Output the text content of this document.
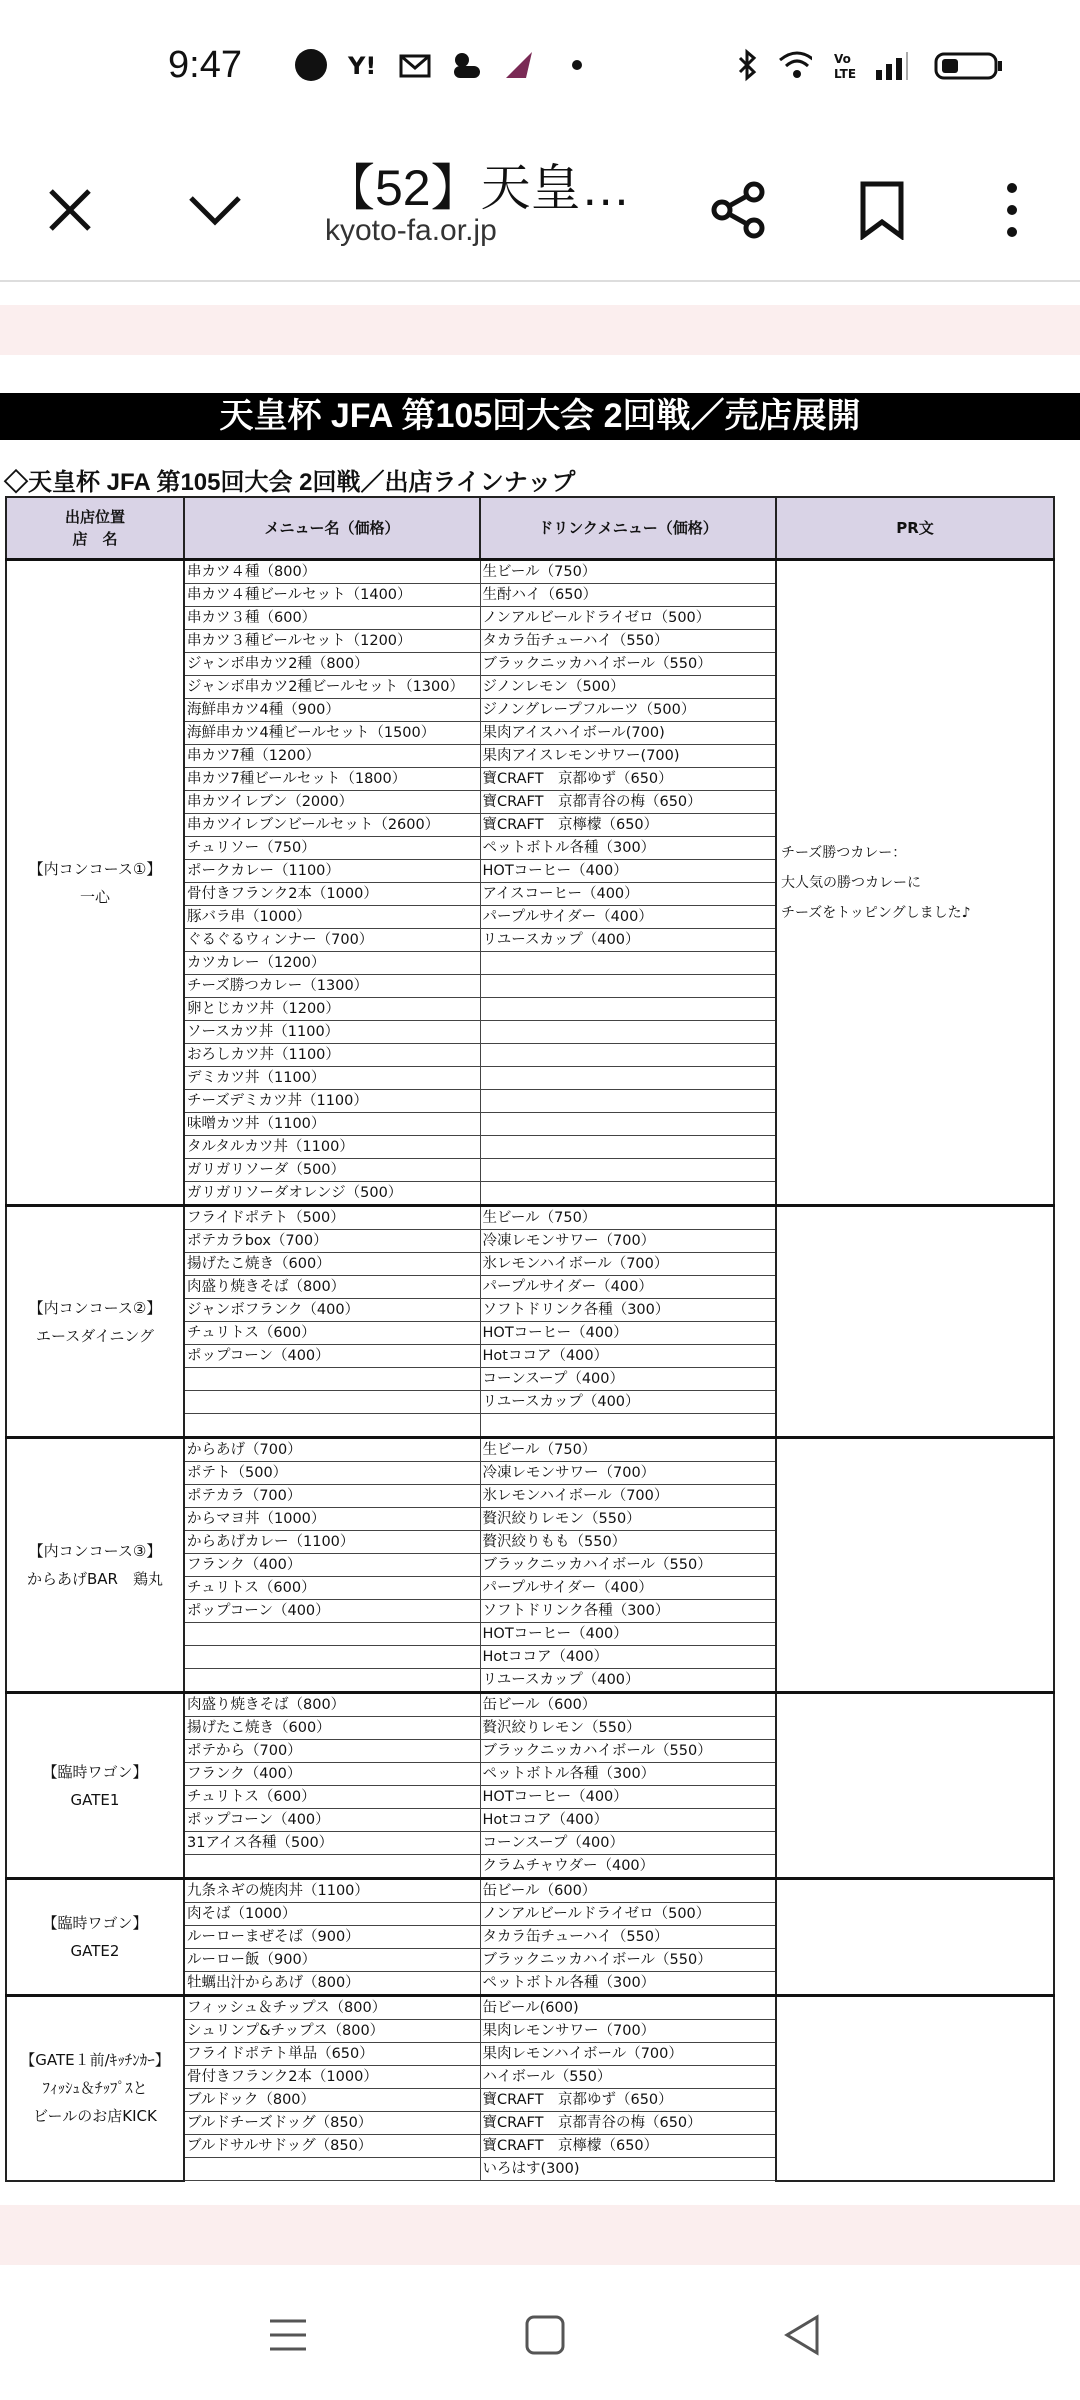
9:47	Y!	Vo
LTE
【52】天皇…
kyoto-fa.or.jp
天皇杯 JFA 第105回大会 2回戦／売店展開
◇天皇杯 JFA 第105回大会 2回戦／出店ラインナップ
出店位置
店　名	メニュー名（価格）	ドリンクメニュー（価格）	PR文
【内コンコース①】
一心	串カツ４種（800）	生ビール（750）	チーズ勝つカレー：
大人気の勝つカレーに
チーズをトッピングしました♪
	串カツ４種ビールセット（1400）	生酎ハイ（650）	
	串カツ３種（600）	ノンアルビールドライゼロ（500）	
	串カツ３種ビールセット（1200）	タカラ缶チューハイ（550）	
	ジャンボ串カツ2種（800）	ブラックニッカハイボール（550）	
	ジャンボ串カツ2種ビールセット（1300）	ジノンレモン（500）	
	海鮮串カツ4種（900）	ジノングレープフルーツ（500）	
	海鮮串カツ4種ビールセット（1500）	果肉アイスハイボール(700)	
	串カツ7種（1200）	果肉アイスレモンサワー(700)	
	串カツ7種ビールセット（1800）	寶CRAFT　京都ゆず（650）	
	串カツイレブン（2000）	寶CRAFT　京都青谷の梅（650）	
	串カツイレブンビールセット（2600）	寶CRAFT　京檸檬（650）	
	チュリソー（750）	ペットボトル各種（300）	
	ポークカレー（1100）	HOTコーヒー（400）	
	骨付きフランク2本（1000）	アイスコーヒー（400）	
	豚バラ串（1000）	パープルサイダー（400）	
	ぐるぐるウィンナー（700）	リユースカップ（400）	
	カツカレー（1200）		
	チーズ勝つカレー（1300）		
	卵とじカツ丼（1200）		
	ソースカツ丼（1100）		
	おろしカツ丼（1100）		
	デミカツ丼（1100）		
	チーズデミカツ丼（1100）		
	味噌カツ丼（1100）		
	タルタルカツ丼（1100）		
	ガリガリソーダ（500）		
	ガリガリソーダオレンジ（500）		
【内コンコース②】
エースダイニング	フライドポテト（500）	生ビール（750）	
	ポテカラbox（700）	冷凍レモンサワー（700）	
	揚げたこ焼き（600）	氷レモンハイボール（700）	
	肉盛り焼きそば（800）	パープルサイダー（400）	
	ジャンボフランク（400）	ソフトドリンク各種（300）	
	チュリトス（600）	HOTコーヒー（400）	
	ポップコーン（400）	Hotココア（400）	
		コーンスープ（400）	
		リユースカップ（400）	

【内コンコース③】
からあげBAR　鶏丸	からあげ（700）	生ビール（750）	
	ポテト（500）	冷凍レモンサワー（700）	
	ポテカラ（700）	氷レモンハイボール（700）	
	からマヨ丼（1000）	贅沢絞りレモン（550）	
	からあげカレー（1100）	贅沢絞りもも（550）	
	フランク（400）	ブラックニッカハイボール（550）	
	チュリトス（600）	パープルサイダー（400）	
	ポップコーン（400）	ソフトドリンク各種（300）	
		HOTコーヒー（400）	
		Hotココア（400）	
		リユースカップ（400）	
【臨時ワゴン】
GATE1	肉盛り焼きそば（800）	缶ビール（600）	
	揚げたこ焼き（600）	贅沢絞りレモン（550）	
	ポテから（700）	ブラックニッカハイボール（550）	
	フランク（400）	ペットボトル各種（300）	
	チュリトス（600）	HOTコーヒー（400）	
	ポップコーン（400）	Hotココア（400）	
	31アイス各種（500）	コーンスープ（400）	
		クラムチャウダー（400）	
【臨時ワゴン】
GATE2	九条ネギの焼肉丼（1100）	缶ビール（600）	
	肉そば（1000）	ノンアルビールドライゼロ（500）	
	ルーローまぜそば（900）	タカラ缶チューハイ（550）	
	ルーロー飯（900）	ブラックニッカハイボール（550）	
	牡蠣出汁からあげ（800）	ペットボトル各種（300）	
【GATE１前/ｷｯﾁﾝｶｰ】
ﾌｨｯｼｭ＆ﾁｯﾌﾟｽと
ビールのお店KICK	フィッシュ＆チップス（800）	缶ビール(600)	
	シュリンプ&チップス（800）	果肉レモンサワー（700）	
	フライドポテト単品（650）	果肉レモンハイボール（700）	
	骨付きフランク2本（1000）	ハイボール（550）	
	ブルドック（800）	寶CRAFT　京都ゆず（650）	
	ブルドチーズドッグ（850）	寶CRAFT　京都青谷の梅（650）	
	ブルドサルサドッグ（850）	寶CRAFT　京檸檬（650）	
		いろはす(300)	
